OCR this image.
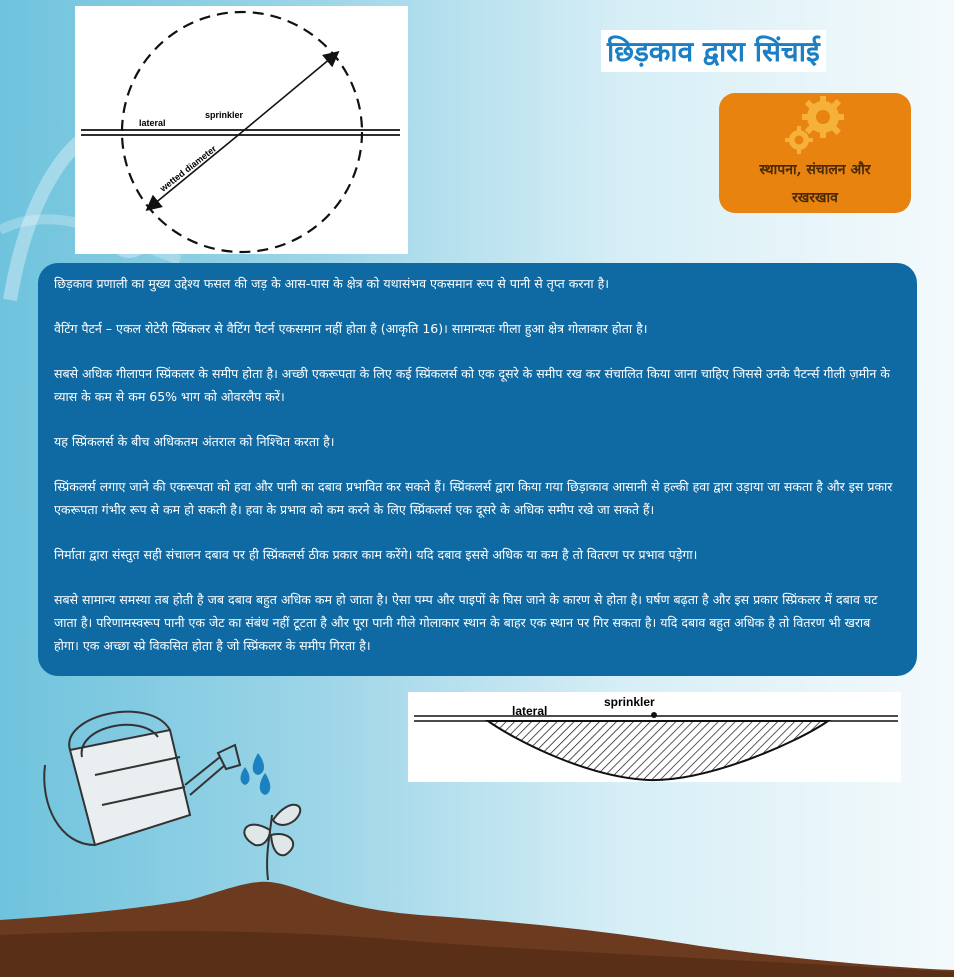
lateral
sprinkler
wetted diameter
छिड़काव द्वारा सिंचाई
स्थापना, संचालन और
रखरखाव

छिड़काव प्रणाली का मुख्य उद्देश्य फसल की जड़ के आस-पास के क्षेत्र को यथासंभव एकसमान रूप से पानी से तृप्त करना है।

वैटिंग पैटर्न – एकल रोटेरी स्प्रिंकलर से वैटिंग पैटर्न एकसमान नहीं होता है (आकृति 16)। सामान्यतः गीला हुआ क्षेत्र गोलाकार होता है।

सबसे अधिक गीलापन स्प्रिंकलर के समीप होता है। अच्छी एकरूपता के लिए कई स्प्रिंकलर्स को एक दूसरे के समीप रख कर संचालित किया जाना चाहिए जिससे उनके पैटर्न्स गीली ज़मीन के व्यास के कम से कम 65% भाग को ओवरलैप करें।

यह स्प्रिंकलर्स के बीच अधिकतम अंतराल को निश्चित करता है।

स्प्रिंकलर्स लगाए जाने की एकरूपता को हवा और पानी का दबाव प्रभावित कर सकते हैं। स्प्रिंकलर्स द्वारा किया गया छिड़ाकाव आसानी से हल्की हवा द्वारा उड़ाया जा सकता है और इस प्रकार एकरूपता गंभीर रूप से कम हो सकती है। हवा के प्रभाव को कम करने के लिए स्प्रिंकलर्स एक दूसरे के अधिक समीप रखे जा सकते हैं।

निर्माता द्वारा संस्तुत सही संचालन दबाव पर ही स्प्रिंकलर्स ठीक प्रकार काम करेंगे। यदि दबाव इससे अधिक या कम है तो वितरण पर प्रभाव पड़ेगा।

सबसे सामान्य समस्या तब होती है जब दबाव बहुत अधिक कम हो जाता है। ऐसा पम्प और पाइपों के घिस जाने के कारण से होता है। घर्षण बढ़ता है और इस प्रकार स्प्रिंकलर में दबाव घट जाता है। परिणामस्वरूप पानी एक जेट का संबंध नहीं टूटता है और पूरा पानी गीले गोलाकार स्थान के बाहर एक स्थान पर गिर सकता है। यदि दबाव बहुत अधिक है तो वितरण भी खराब होगा। एक अच्छा स्प्रे विकसित होता है जो स्प्रिंकलर के समीप गिरता है।

lateral
sprinkler
